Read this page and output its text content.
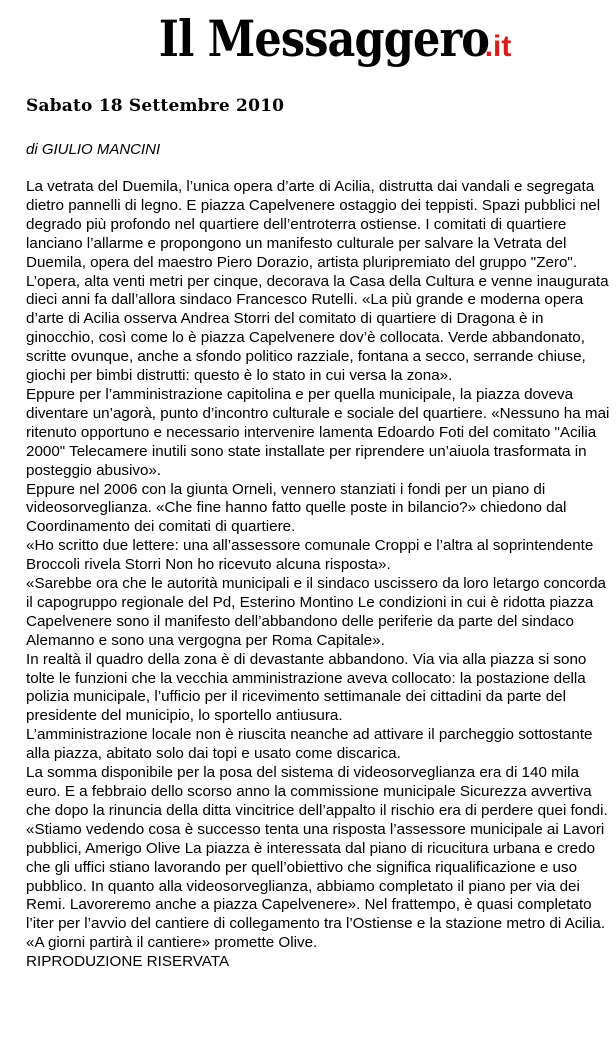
Il Messaggero.it
Sabato 18 Settembre 2010
di GIULIO MANCINI

La vetrata del Duemila, l’unica opera d’arte di Acilia, distrutta dai vandali e segregata dietro pannelli di legno. E piazza Capelvenere ostaggio dei teppisti. Spazi pubblici nel degrado più profondo nel quartiere dell’entroterra ostiense. I comitati di quartiere lanciano l’allarme e propongono un manifesto culturale per salvare la Vetrata del Duemila, opera del maestro Piero Dorazio, artista pluripremiato del gruppo "Zero". L’opera, alta venti metri per cinque, decorava la Casa della Cultura e venne inaugurata dieci anni fa dall’allora sindaco Francesco Rutelli. «La più grande e moderna opera d’arte di Acilia osserva Andrea Storri del comitato di quartiere di Dragona è in ginocchio, così come lo è piazza Capelvenere dov’è collocata. Verde abbandonato, scritte ovunque, anche a sfondo politico razziale, fontana a secco, serrande chiuse, giochi per bimbi distrutti: questo è lo stato in cui versa la zona».

Eppure per l’amministrazione capitolina e per quella municipale, la piazza doveva diventare un’agorà, punto d’incontro culturale e sociale del quartiere. «Nessuno ha mai ritenuto opportuno e necessario intervenire lamenta Edoardo Foti del comitato "Acilia 2000" Telecamere inutili sono state installate per riprendere un’aiuola trasformata in posteggio abusivo».

Eppure nel 2006 con la giunta Orneli, vennero stanziati i fondi per un piano di videosorveglianza. «Che fine hanno fatto quelle poste in bilancio?» chiedono dal Coordinamento dei comitati di quartiere.

«Ho scritto due lettere: una all’assessore comunale Croppi e l’altra al soprintendente Broccoli rivela Storri Non ho ricevuto alcuna risposta».

«Sarebbe ora che le autorità municipali e il sindaco uscissero da loro letargo concorda il capogruppo regionale del Pd, Esterino Montino Le condizioni in cui è ridotta piazza Capelvenere sono il manifesto dell’abbandono delle periferie da parte del sindaco Alemanno e sono una vergogna per Roma Capitale».

In realtà il quadro della zona è di devastante abbandono. Via via alla piazza si sono tolte le funzioni che la vecchia amministrazione aveva collocato: la postazione della polizia municipale, l’ufficio per il ricevimento settimanale dei cittadini da parte del presidente del municipio, lo sportello antiusura.

L’amministrazione locale non è riuscita neanche ad attivare il parcheggio sottostante alla piazza, abitato solo dai topi e usato come discarica.

La somma disponibile per la posa del sistema di videosorveglianza era di 140 mila euro. E a febbraio dello scorso anno la commissione municipale Sicurezza avvertiva che dopo la rinuncia della ditta vincitrice dell’appalto il rischio era di perdere quei fondi. «Stiamo vedendo cosa è successo tenta una risposta l’assessore municipale ai Lavori pubblici, Amerigo Olive La piazza è interessata dal piano di ricucitura urbana e credo che gli uffici stiano lavorando per quell’obiettivo che significa riqualificazione e uso pubblico. In quanto alla videosorveglianza, abbiamo completato il piano per via dei Remi. Lavoreremo anche a piazza Capelvenere». Nel frattempo, è quasi completato l’iter per l’avvio del cantiere di collegamento tra l’Ostiense e la stazione metro di Acilia. «A giorni partirà il cantiere» promette Olive.

RIPRODUZIONE RISERVATA
